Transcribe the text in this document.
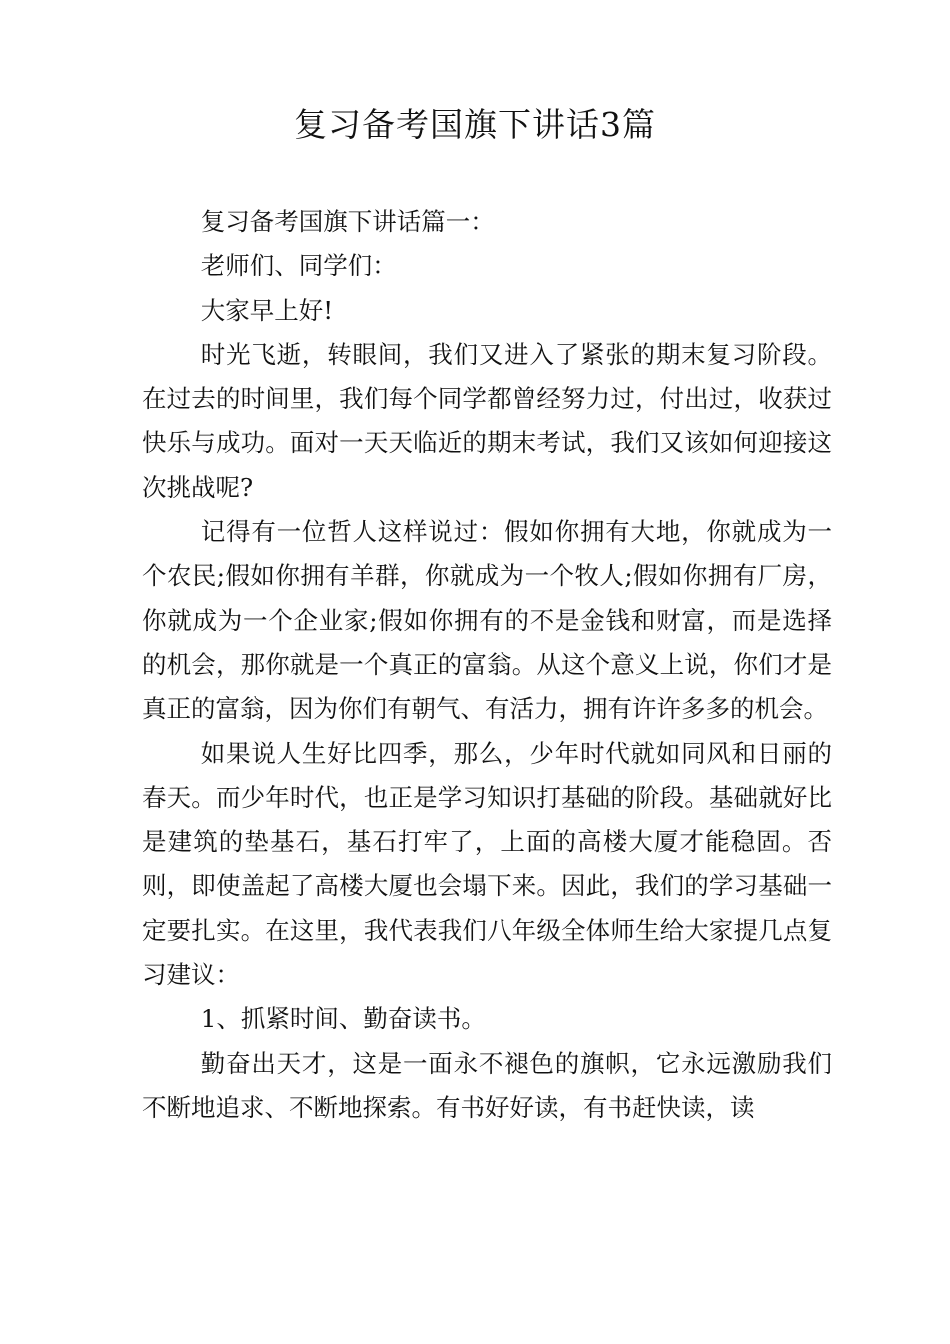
复习备考国旗下讲话3篇

复习备考国旗下讲话篇一：

老师们、同学们：

大家早上好!

时光飞逝，转眼间，我们又进入了紧张的期末复习阶段。在过去的时间里，我们每个同学都曾经努力过，付出过，收获过快乐与成功。面对一天天临近的期末考试，我们又该如何迎接这次挑战呢?

记得有一位哲人这样说过：假如你拥有大地，你就成为一个农民;假如你拥有羊群，你就成为一个牧人;假如你拥有厂房，你就成为一个企业家;假如你拥有的不是金钱和财富，而是选择的机会，那你就是一个真正的富翁。从这个意义上说，你们才是真正的富翁，因为你们有朝气、有活力，拥有许许多多的机会。

如果说人生好比四季，那么，少年时代就如同风和日丽的春天。而少年时代，也正是学习知识打基础的阶段。基础就好比是建筑的垫基石，基石打牢了，上面的高楼大厦才能稳固。否则，即使盖起了高楼大厦也会塌下来。因此，我们的学习基础一定要扎实。在这里，我代表我们八年级全体师生给大家提几点复习建议：

1、抓紧时间、勤奋读书。

勤奋出天才，这是一面永不褪色的旗帜，它永远激励我们不断地追求、不断地探索。有书好好读，有书赶快读，读
